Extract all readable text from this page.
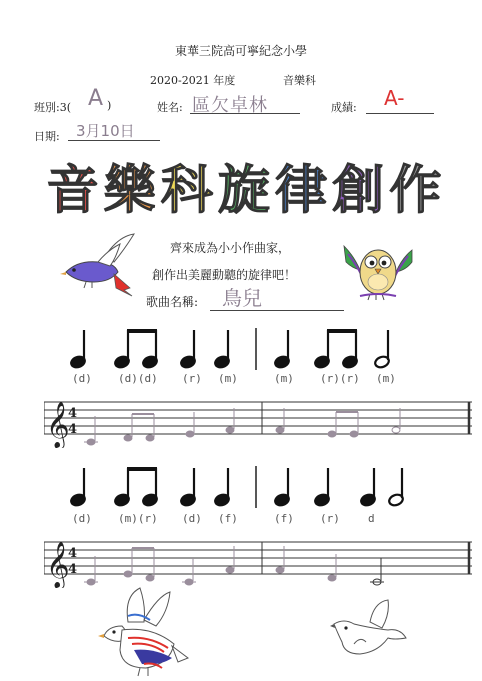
東華三院高可寧紀念小學
2020-2021 年度	音樂科
班別:3( A )	姓名: 區欠卓林	成績: A-
日期: 3月10日
音 樂 科 旋 律 創 作
齊來成為小小作曲家，
創作出美麗動聽的旋律吧！
歌曲名稱: 鳥兒
(d) (d)(d) (r) (m)	(m) (r)(r) (m)
𝄞
4
4
(d) (m)(r) (d) (f)	(f) (r)	d
𝄞
4
4
